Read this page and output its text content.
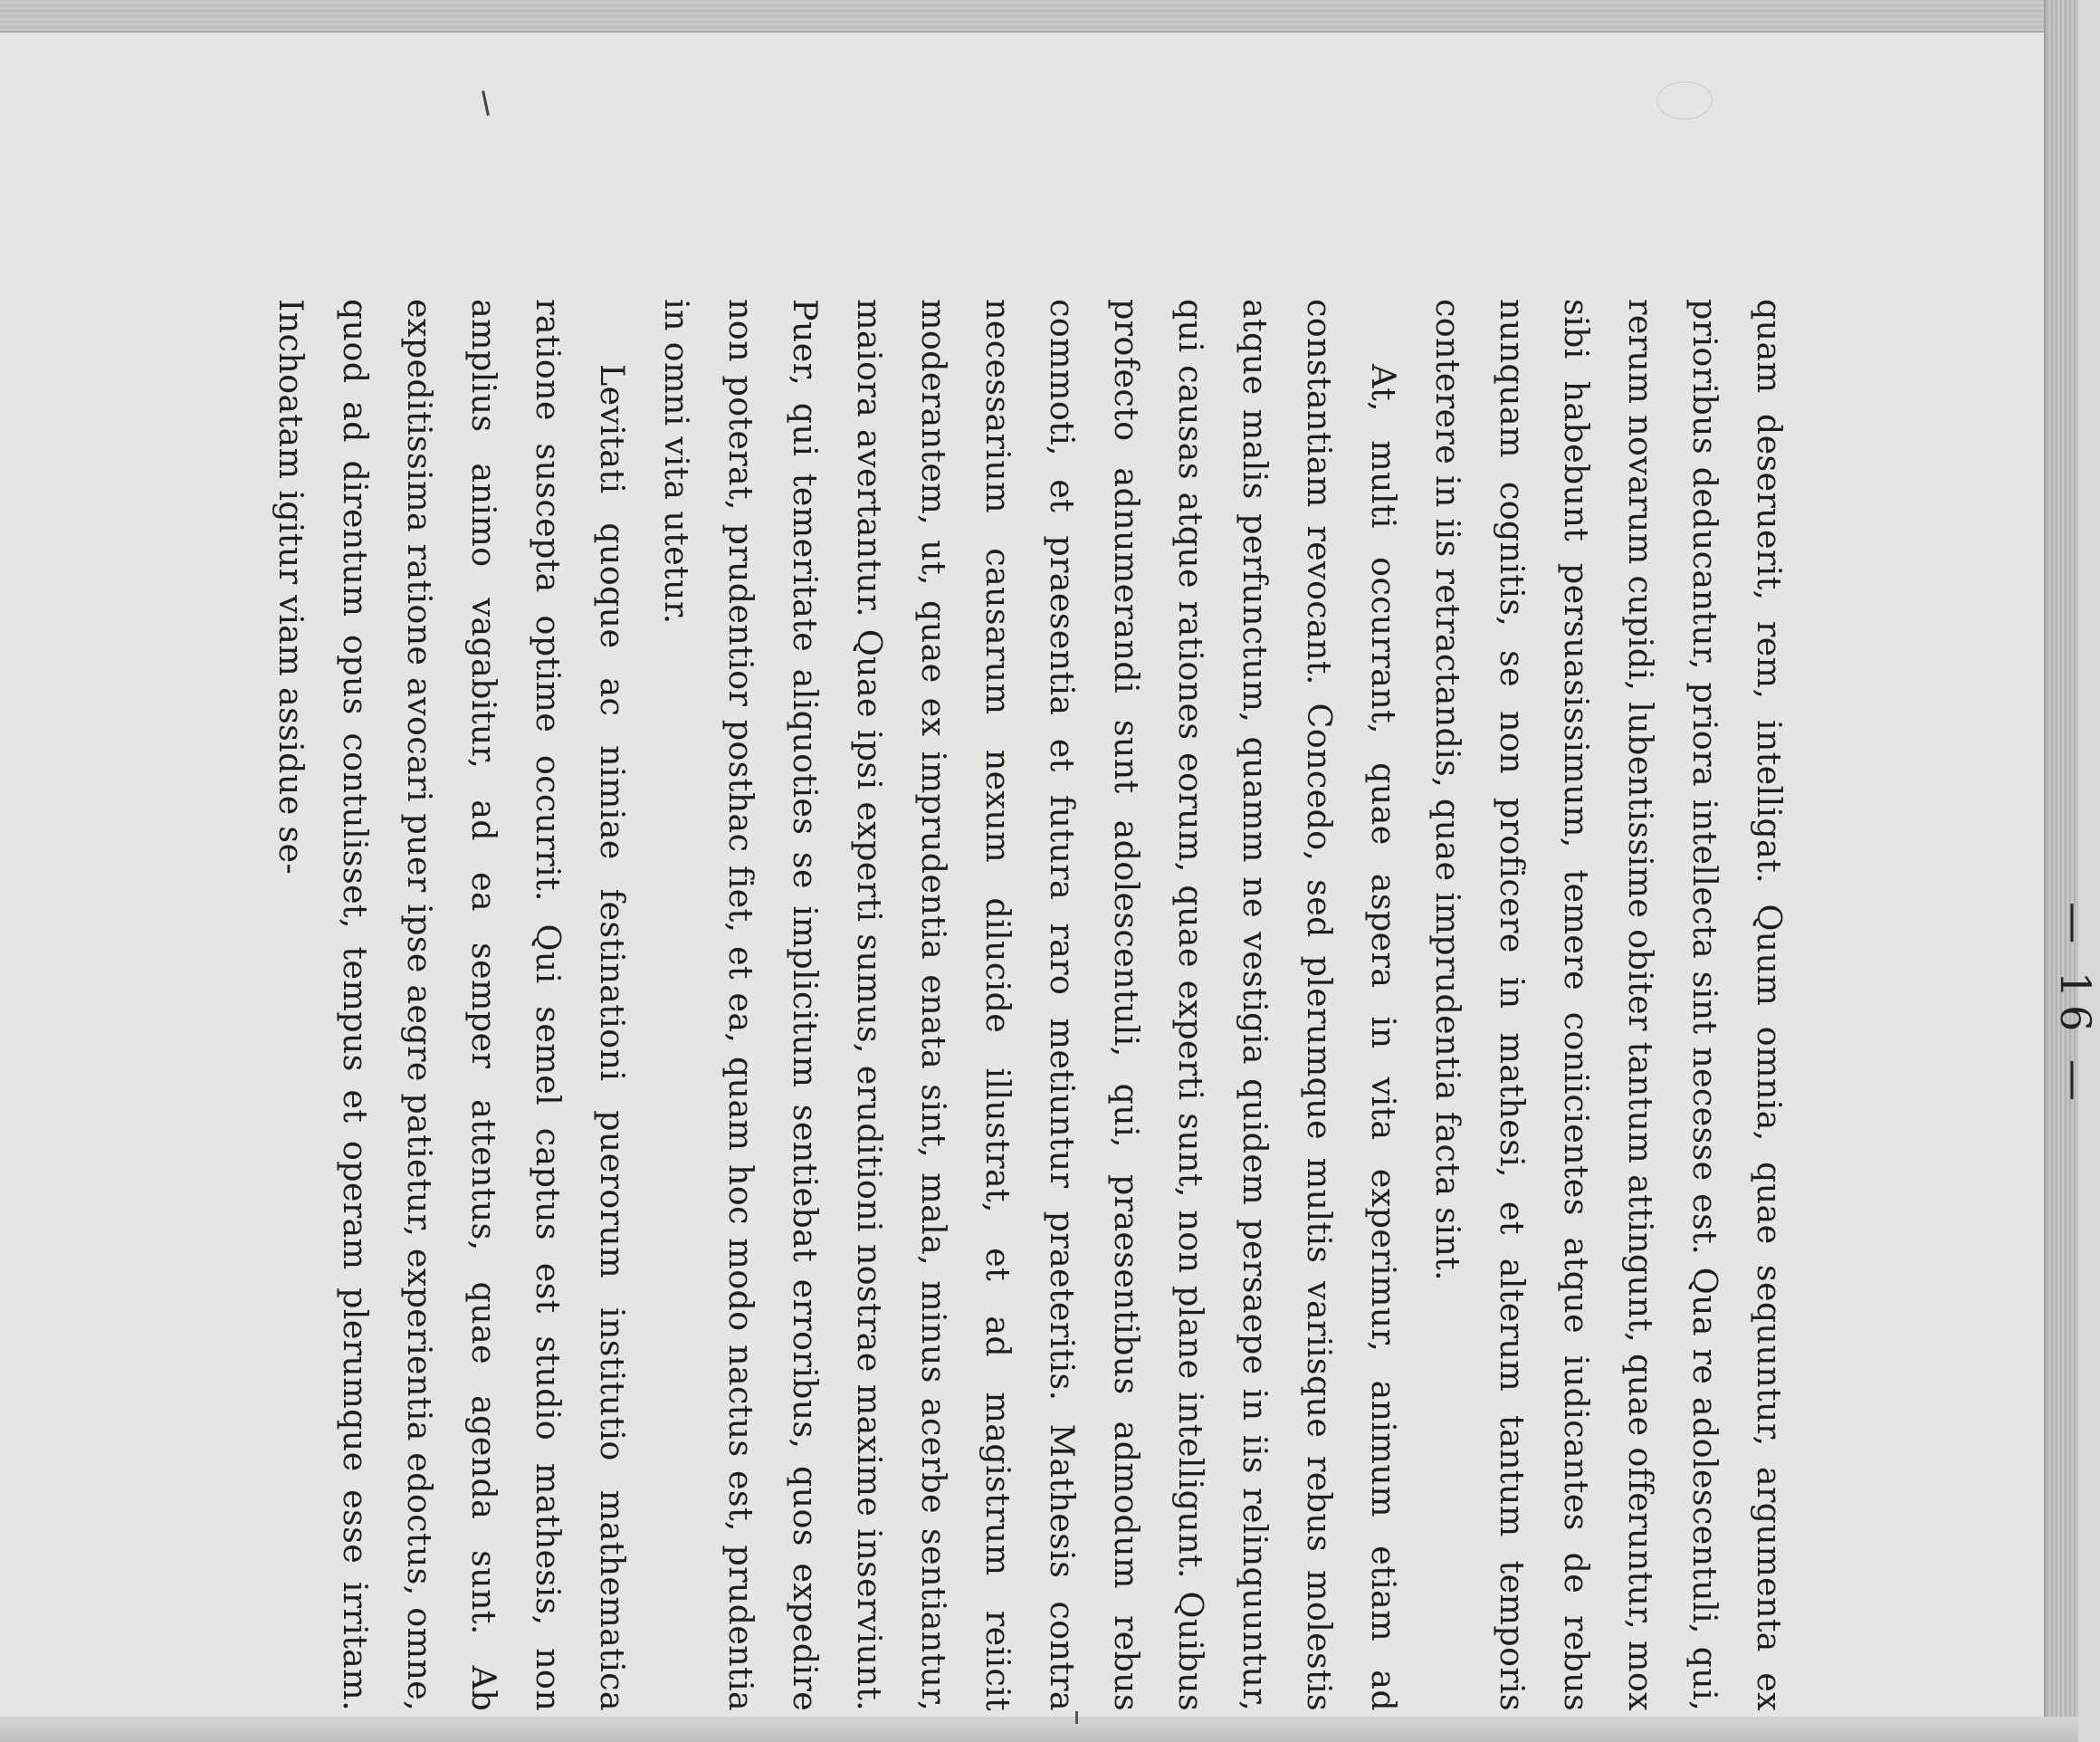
— 16 —

quam deseruerit, rem, intelligat. Quum omnia, quae sequuntur, argumenta ex prioribus deducantur, priora intellecta sint necesse est. Qua re adolescentuli, qui, rerum novarum cupidi, lubentissime obiter tantum attingunt, quae offeruntur, mox sibi habebunt persuasissimum, temere coniicientes atque iudicantes de rebus nunquam cognitis, se non proficere in mathesi, et alterum tantum temporis conterere in iis retractandis, quae imprudentia facta sint.

At, multi occurrant, quae aspera in vita experimur, animum etiam ad constantiam revocant. Concedo, sed plerumque multis variisque rebus molestis atque malis perfunctum, quamm ne vestigia quidem persaepe in iis relinquuntur, qui causas atque rationes eorum, quae experti sunt, non plane intelligunt. Quibus profecto adnumerandi sunt adolescentuli, qui, praesentibus admodum rebus commoti, et praesentia et futura raro metiuntur praeteritis. Mathesis contra necessarium causarum nexum dilucide illustrat, et ad magistrum reiicit moderantem, ut, quae ex imprudentia enata sint, mala, minus acerbe sentiantur, maiora avertantur. Quae ipsi experti sumus, eruditioni nostrae maxime inserviunt. Puer, qui temeritate aliquoties se implicitum sentiebat erroribus, quos expedire non poterat, prudentior posthac fiet, et ea, quam hoc modo nactus est, prudentia in omni vita utetur.

Levitati quoque ac nimiae festinationi puerorum institutio mathematica ratione suscepta optime occurrit. Qui semel captus est studio mathesis, non amplius animo vagabitur, ad ea semper attentus, quae agenda sunt. Ab expeditissima ratione avocari puer ipse aegre patietur, experientia edoctus, omne, quod ad direntum opus contulisset, tempus et operam plerumque esse irritam. Inchoatam igitur viam assidue se-
